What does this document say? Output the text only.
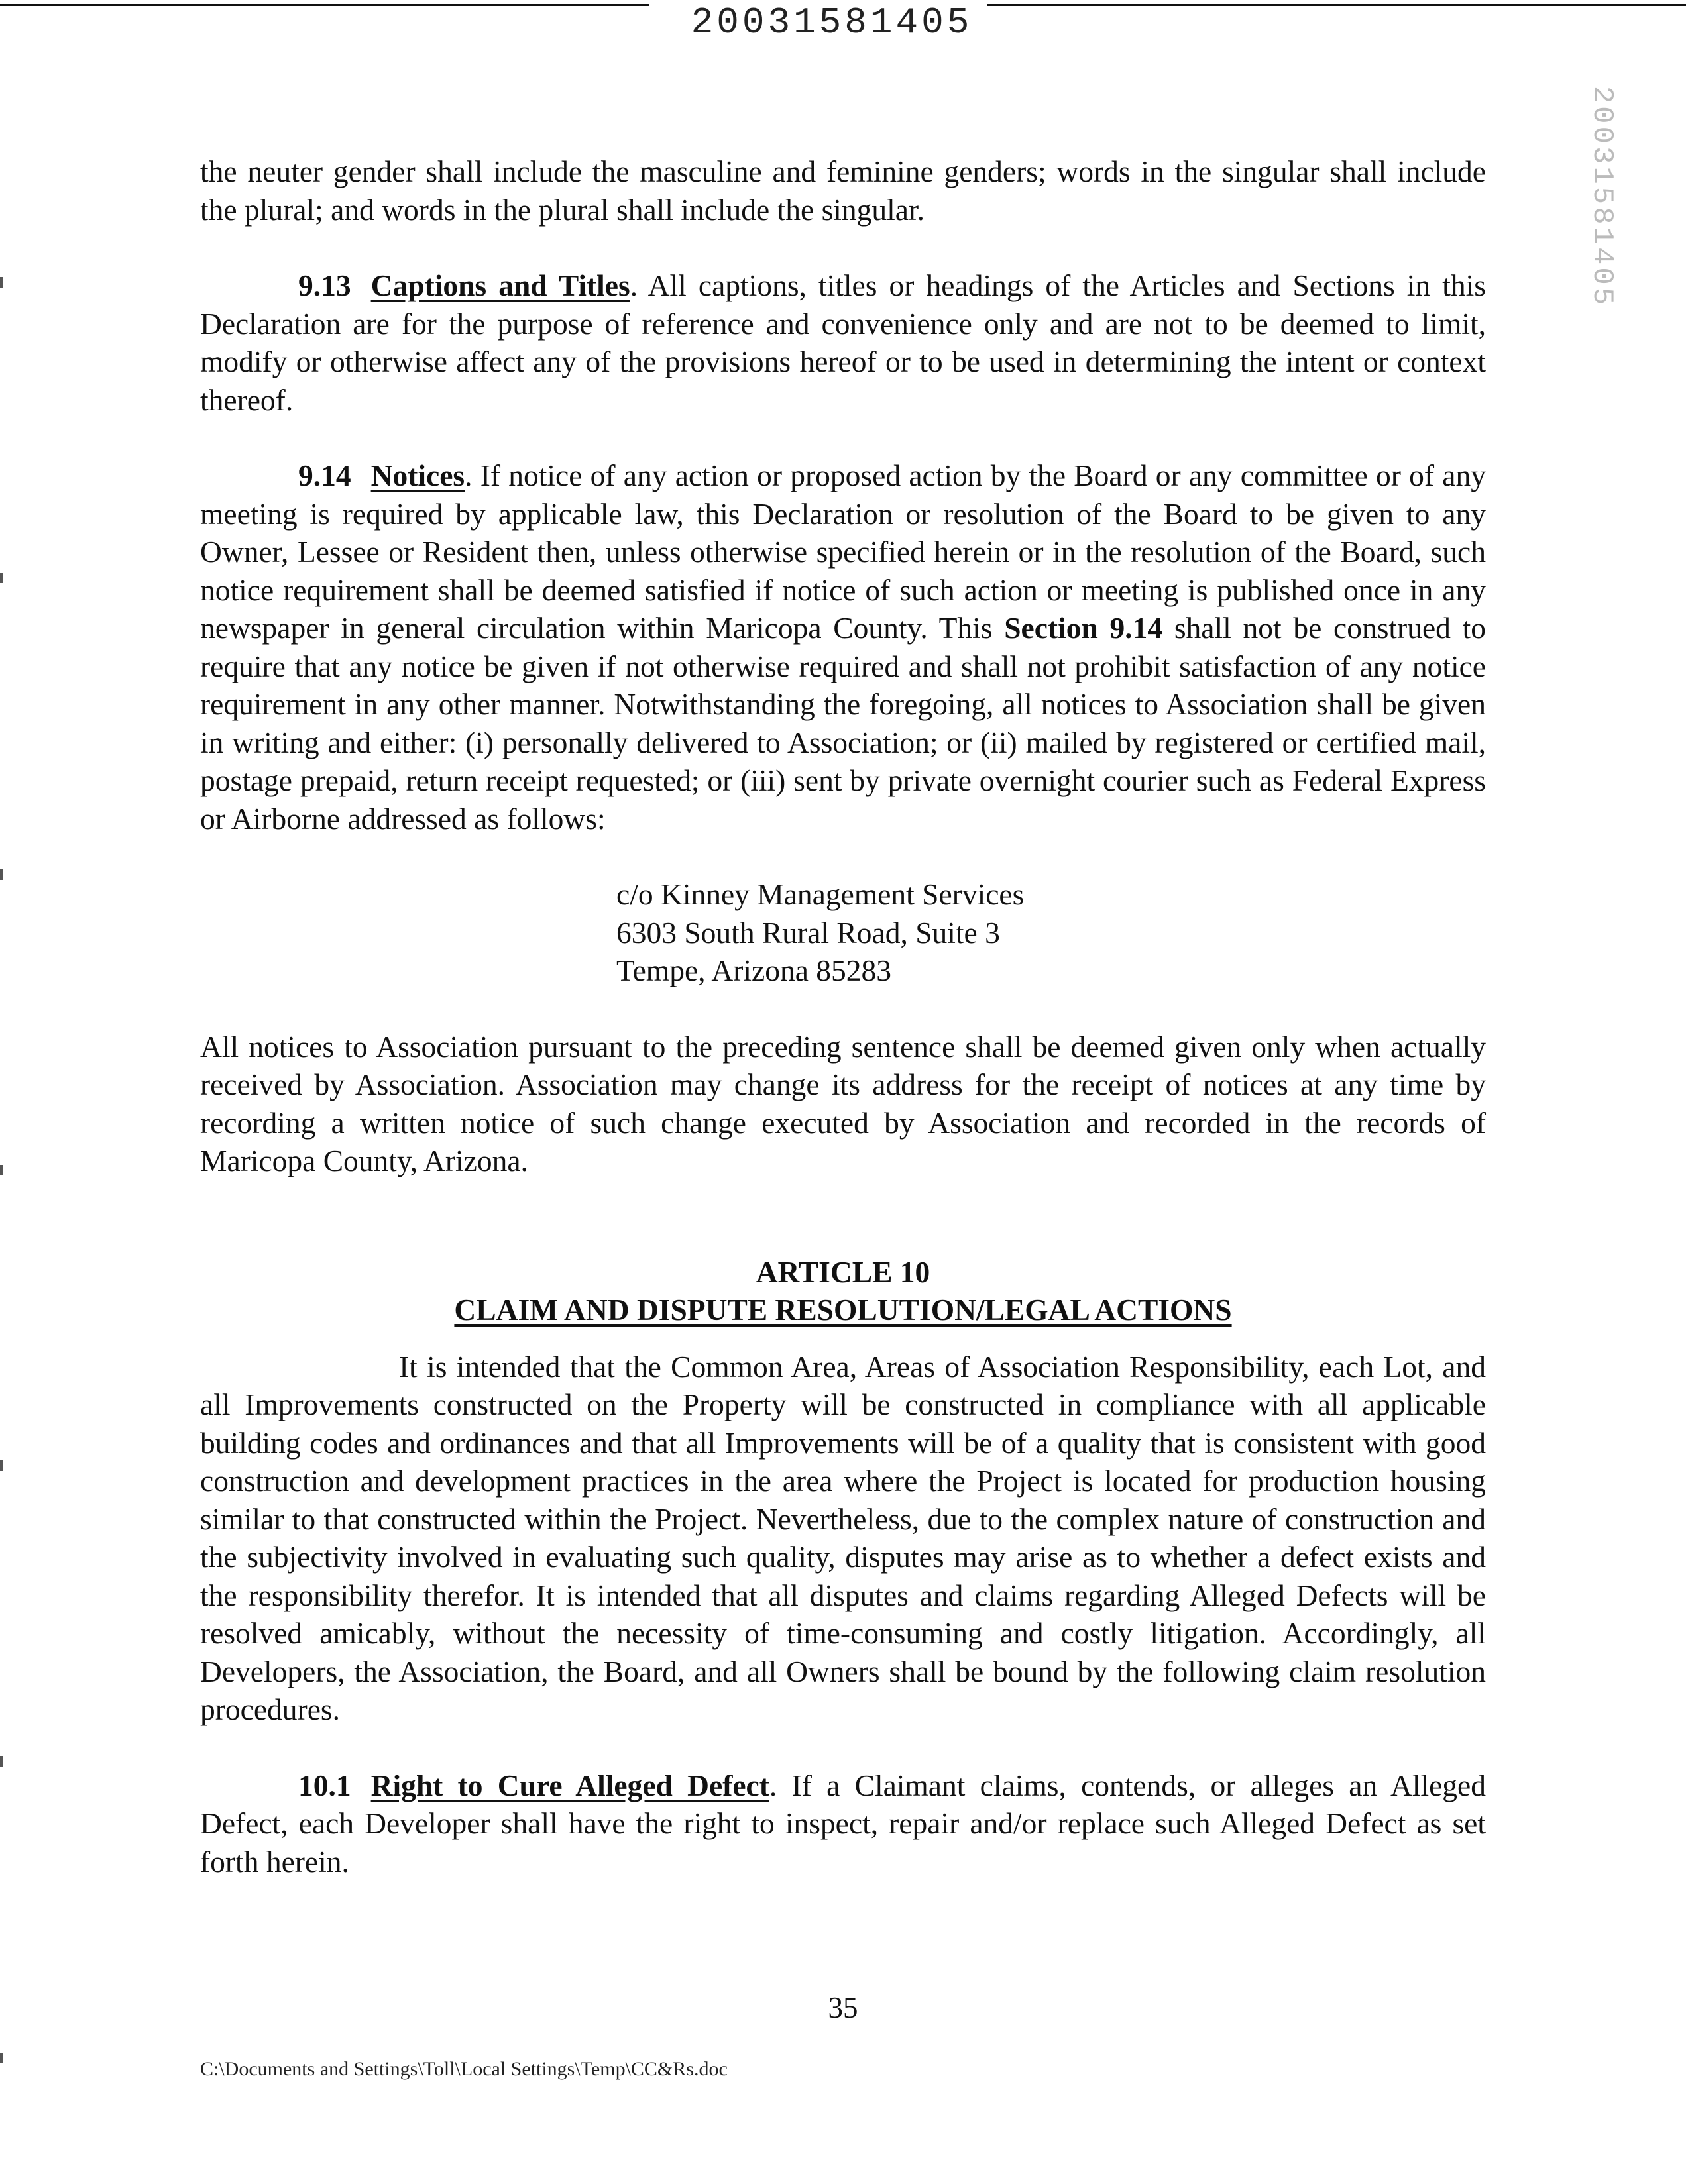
20031581405
20031581405

the neuter gender shall include the masculine and feminine genders; words in the singular shall include the plural; and words in the plural shall include the singular.

9.13 Captions and Titles. All captions, titles or headings of the Articles and Sections in this Declaration are for the purpose of reference and convenience only and are not to be deemed to limit, modify or otherwise affect any of the provisions hereof or to be used in determining the intent or context thereof.

9.14 Notices. If notice of any action or proposed action by the Board or any committee or of any meeting is required by applicable law, this Declaration or resolution of the Board to be given to any Owner, Lessee or Resident then, unless otherwise specified herein or in the resolution of the Board, such notice requirement shall be deemed satisfied if notice of such action or meeting is published once in any newspaper in general circulation within Maricopa County. This Section 9.14 shall not be construed to require that any notice be given if not otherwise required and shall not prohibit satisfaction of any notice requirement in any other manner. Notwithstanding the foregoing, all notices to Association shall be given in writing and either: (i) personally delivered to Association; or (ii) mailed by registered or certified mail, postage prepaid, return receipt requested; or (iii) sent by private overnight courier such as Federal Express or Airborne addressed as follows:

c/o Kinney Management Services
6303 South Rural Road, Suite 3
Tempe, Arizona 85283

All notices to Association pursuant to the preceding sentence shall be deemed given only when actually received by Association. Association may change its address for the receipt of notices at any time by recording a written notice of such change executed by Association and recorded in the records of Maricopa County, Arizona.

ARTICLE 10
CLAIM AND DISPUTE RESOLUTION/LEGAL ACTIONS

It is intended that the Common Area, Areas of Association Responsibility, each Lot, and all Improvements constructed on the Property will be constructed in compliance with all applicable building codes and ordinances and that all Improvements will be of a quality that is consistent with good construction and development practices in the area where the Project is located for production housing similar to that constructed within the Project. Nevertheless, due to the complex nature of construction and the subjectivity involved in evaluating such quality, disputes may arise as to whether a defect exists and the responsibility therefor. It is intended that all disputes and claims regarding Alleged Defects will be resolved amicably, without the necessity of time-consuming and costly litigation. Accordingly, all Developers, the Association, the Board, and all Owners shall be bound by the following claim resolution procedures.

10.1 Right to Cure Alleged Defect. If a Claimant claims, contends, or alleges an Alleged Defect, each Developer shall have the right to inspect, repair and/or replace such Alleged Defect as set forth herein.

35
C:\Documents and Settings\Toll\Local Settings\Temp\CC&Rs.doc
